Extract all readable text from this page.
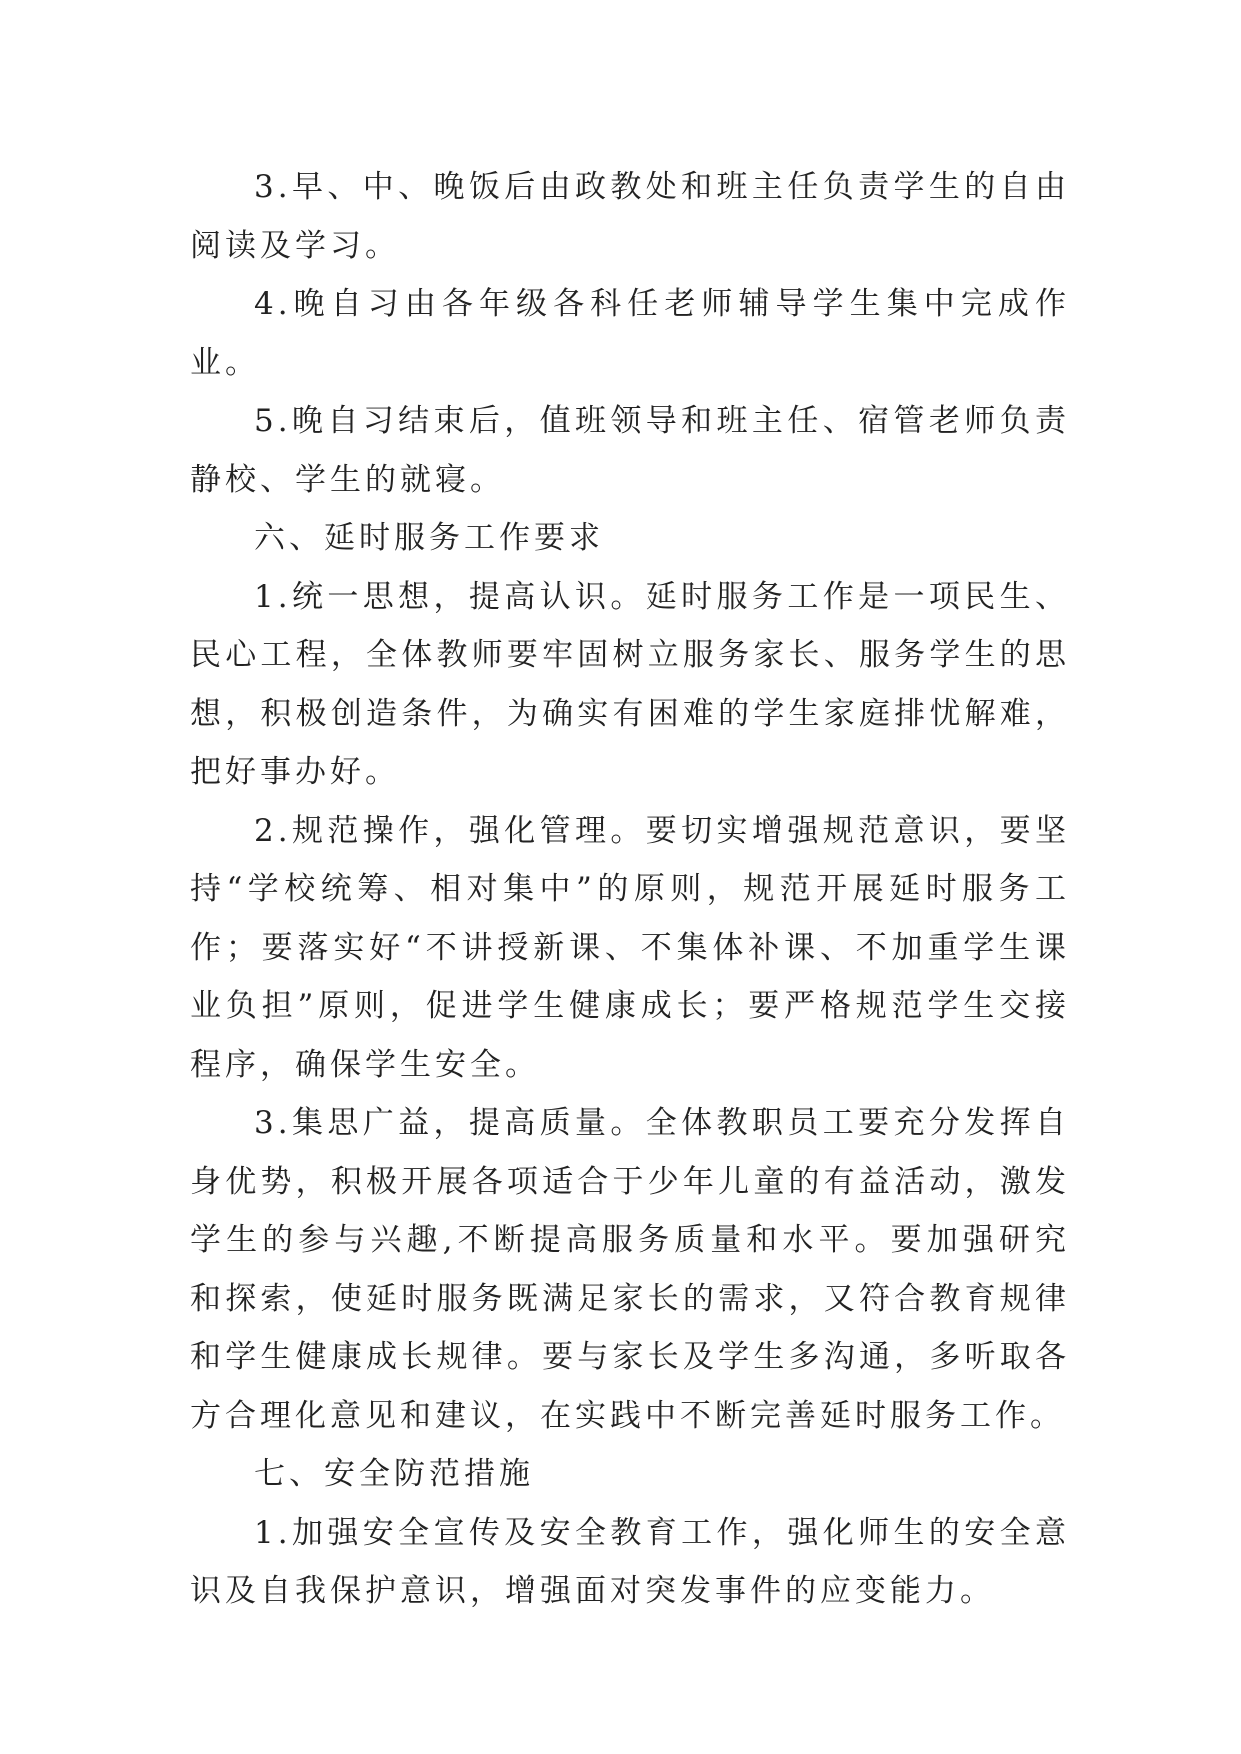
3.早、中、晚饭后由政教处和班主任负责学生的自由阅读及学习。

4.晚自习由各年级各科任老师辅导学生集中完成作业。

5.晚自习结束后，值班领导和班主任、宿管老师负责静校、学生的就寝。

六、延时服务工作要求

1.统一思想，提高认识。延时服务工作是一项民生、民心工程，全体教师要牢固树立服务家长、服务学生的思想，积极创造条件，为确实有困难的学生家庭排忧解难，把好事办好。

2.规范操作，强化管理。要切实增强规范意识，要坚持“学校统筹、相对集中”的原则，规范开展延时服务工作；要落实好“不讲授新课、不集体补课、不加重学生课业负担”原则，促进学生健康成长；要严格规范学生交接程序，确保学生安全。

3.集思广益，提高质量。全体教职员工要充分发挥自身优势，积极开展各项适合于少年儿童的有益活动，激发学生的参与兴趣,不断提高服务质量和水平。要加强研究和探索，使延时服务既满足家长的需求，又符合教育规律和学生健康成长规律。要与家长及学生多沟通，多听取各方合理化意见和建议，在实践中不断完善延时服务工作。

七、安全防范措施

1.加强安全宣传及安全教育工作，强化师生的安全意识及自我保护意识，增强面对突发事件的应变能力。
